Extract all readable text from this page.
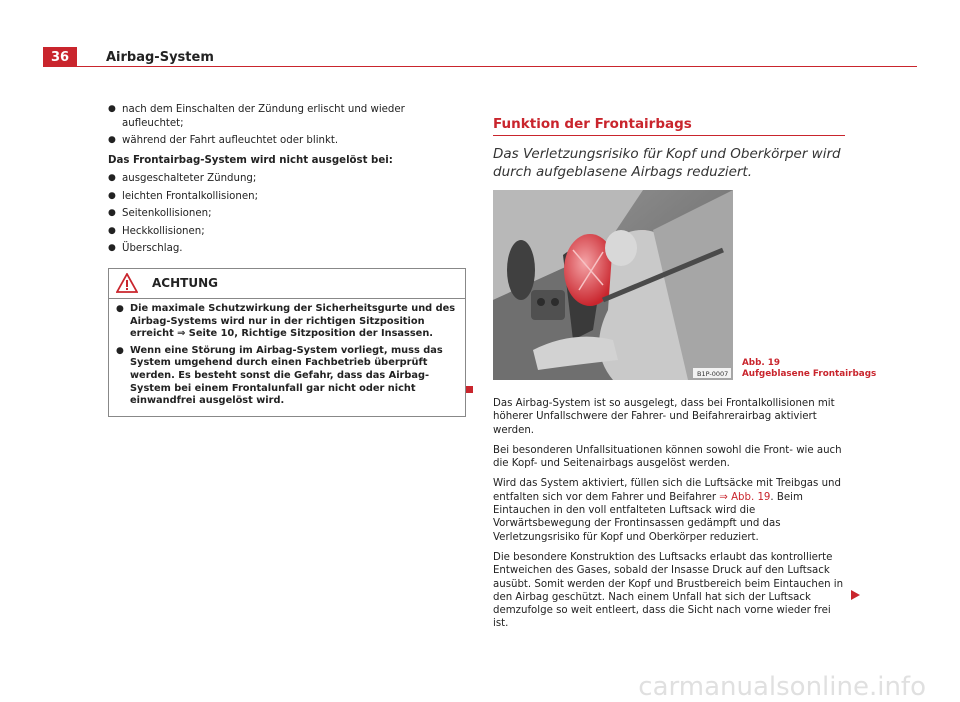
36	Airbag-System
● nach dem Einschalten der Zündung erlischt und wieder aufleuchtet;
● während der Fahrt aufleuchtet oder blinkt.
Das Frontairbag-System wird nicht ausgelöst bei:
● ausgeschalteter Zündung;
● leichten Frontalkollisionen;
● Seitenkollisionen;
● Heckkollisionen;
● Überschlag.
ACHTUNG
● Die maximale Schutzwirkung der Sicherheitsgurte und des Airbag-Systems wird nur in der richtigen Sitzposition erreicht ⇒ Seite 10, Richtige Sitzposition der Insassen.
● Wenn eine Störung im Airbag-System vorliegt, muss das System umgehend durch einen Fachbetrieb überprüft werden. Es besteht sonst die Gefahr, dass das Airbag-System bei einem Frontalunfall gar nicht oder nicht einwandfrei ausgelöst wird.
Funktion der Frontairbags
Das Verletzungsrisiko für Kopf und Oberkörper wird durch aufgeblasene Airbags reduziert.
B1P-0007
Abb. 19
Aufgeblasene Frontairbags

Das Airbag-System ist so ausgelegt, dass bei Frontalkollisionen mit höherer Unfallschwere der Fahrer- und Beifahrerairbag aktiviert werden.

Bei besonderen Unfallsituationen können sowohl die Front- wie auch die Kopf- und Seitenairbags ausgelöst werden.

Wird das System aktiviert, füllen sich die Luftsäcke mit Treibgas und entfalten sich vor dem Fahrer und Beifahrer ⇒ Abb. 19. Beim Eintauchen in den voll entfalteten Luftsack wird die Vorwärtsbewegung der Frontinsassen gedämpft und das Verletzungsrisiko für Kopf und Oberkörper reduziert.

Die besondere Konstruktion des Luftsacks erlaubt das kontrollierte Entweichen des Gases, sobald der Insasse Druck auf den Luftsack ausübt. Somit werden der Kopf und Brustbereich beim Eintauchen in den Airbag geschützt. Nach einem Unfall hat sich der Luftsack demzufolge so weit entleert, dass die Sicht nach vorne wieder frei ist.

carmanualsonline.info
